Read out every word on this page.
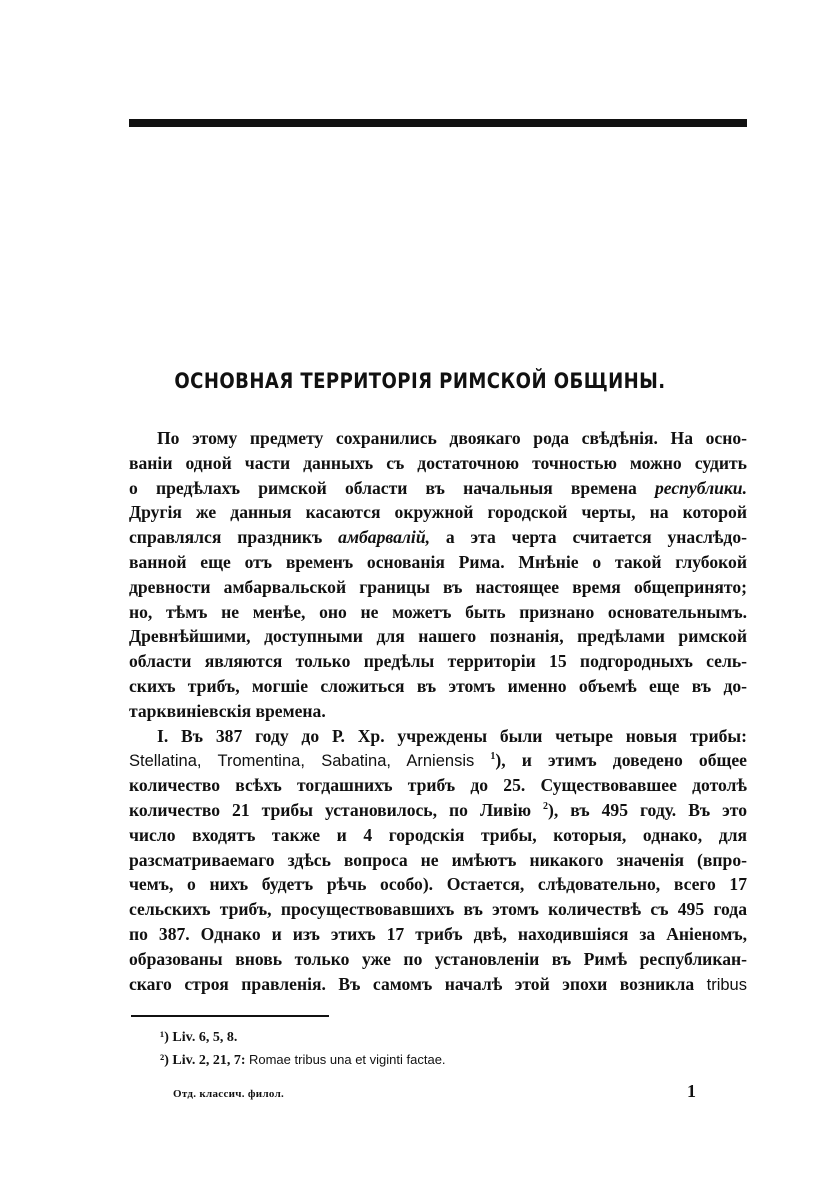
ОСНОВНАЯ ТЕРРИТОРІЯ РИМСКОЙ ОБЩИНЫ.
По этому предмету сохранились двоякаго рода свѣдѣнія. На осно-
ваніи одной части данныхъ съ достаточною точностью можно судить
о предѣлахъ римской области въ начальныя времена республики.
Другія же данныя касаются окружной городской черты, на которой
справлялся праздникъ амбарвалій, а эта черта считается унаслѣдо-
ванной еще отъ временъ основанія Рима. Мнѣніе о такой глубокой
древности амбарвальской границы въ настоящее время общепринято;
но, тѣмъ не менѣе, оно не можетъ быть признано основательнымъ.
Древнѣйшими, доступными для нашего познанія, предѣлами римской
области являются только предѣлы территоріи 15 подгородныхъ сель-
скихъ трибъ, могшіе сложиться въ этомъ именно объемѣ еще въ до-
тарквиніевскія времена.
I. Въ 387 году до Р. Хр. учреждены были четыре новыя трибы:
Stellatina, Tromentina, Sabatina, Arniensis $^1$), и этимъ доведено общее
количество всѣхъ тогдашнихъ трибъ до 25. Существовавшее дотолѣ
количество 21 трибы установилось, по Ливію $^2$), въ 495 году. Въ это
число входятъ также и 4 городскія трибы, которыя, однако, для
разсматриваемаго здѣсь вопроса не имѣютъ никакого значенія (впро-
чемъ, о нихъ будетъ рѣчь особо). Остается, слѣдовательно, всего 17
сельскихъ трибъ, просуществовавшихъ въ этомъ количествѣ съ 495 года
по 387. Однако и изъ этихъ 17 трибъ двѣ, находившіяся за Аніеномъ,
образованы вновь только уже по установленіи въ Римѣ республикан-
скаго строя правленія. Въ самомъ началѣ этой эпохи возникла tribus
¹) Liv. 6, 5, 8.
²) Liv. 2, 21, 7: Romae tribus una et viginti factae.
Отд. классич. филол.	1
